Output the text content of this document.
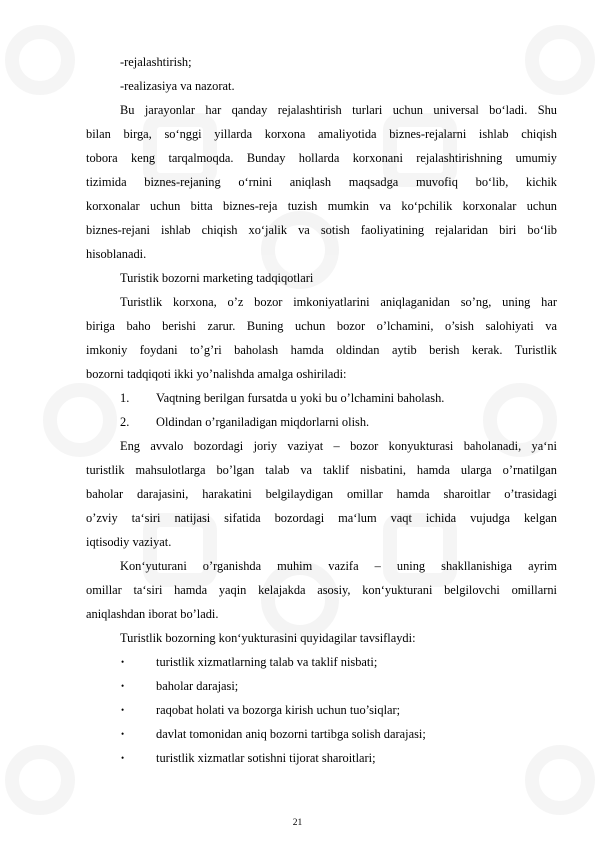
-rejalashtirish;
-realizasiya va nazorat.
Bu jarayonlar har qanday rejalashtirish turlari uchun universal bo‘ladi. Shu
bilan birga, so‘nggi yillarda korxona amaliyotida biznes-rejalarni ishlab chiqish
tobora keng tarqalmoqda. Bunday hollarda korxonani rejalashtirishning umumiy
tizimida biznes-rejaning o‘rnini aniqlash maqsadga muvofiq bo‘lib, kichik
korxonalar uchun bitta biznes-reja tuzish mumkin va ko‘pchilik korxonalar uchun
biznes-rejani ishlab chiqish xo‘jalik va sotish faoliyatining rejalaridan biri bo‘lib
hisoblanadi.
Turistik bozorni marketing tadqiqotlari
Turistlik korxona, o’z bozor imkoniyatlarini aniqlaganidan so’ng, uning har
biriga baho berishi zarur. Buning uchun bozor o’lchamini, o’sish salohiyati va
imkoniy foydani to’g’ri baholash hamda oldindan aytib berish kerak. Turistlik
bozorni tadqiqoti ikki yo’nalishda amalga oshiriladi:
1. Vaqtning berilgan fursatda u yoki bu o’lchamini baholash.
2. Oldindan o’rganiladigan miqdorlarni olish.
Eng avvalo bozordagi joriy vaziyat – bozor konyukturasi baholanadi, ya‘ni
turistlik mahsulotlarga bo’lgan talab va taklif nisbatini, hamda ularga o’rnatilgan
baholar darajasini, harakatini belgilaydigan omillar hamda sharoitlar o’trasidagi
o’zviy ta‘siri natijasi sifatida bozordagi ma‘lum vaqt ichida vujudga kelgan
iqtisodiy vaziyat.
Kon‘yuturani o’rganishda muhim vazifa – uning shakllanishiga ayrim
omillar ta‘siri hamda yaqin kelajakda asosiy, kon‘yukturani belgilovchi omillarni
aniqlashdan iborat bo’ladi.
Turistlik bozorning kon‘yukturasini quyidagilar tavsiflaydi:
•	turistlik xizmatlarning talab va taklif nisbati;
•	baholar darajasi;
•	raqobat holati va bozorga kirish uchun tuo’siqlar;
•	davlat tomonidan aniq bozorni tartibga solish darajasi;
•	turistlik xizmatlar sotishni tijorat sharoitlari;
21
